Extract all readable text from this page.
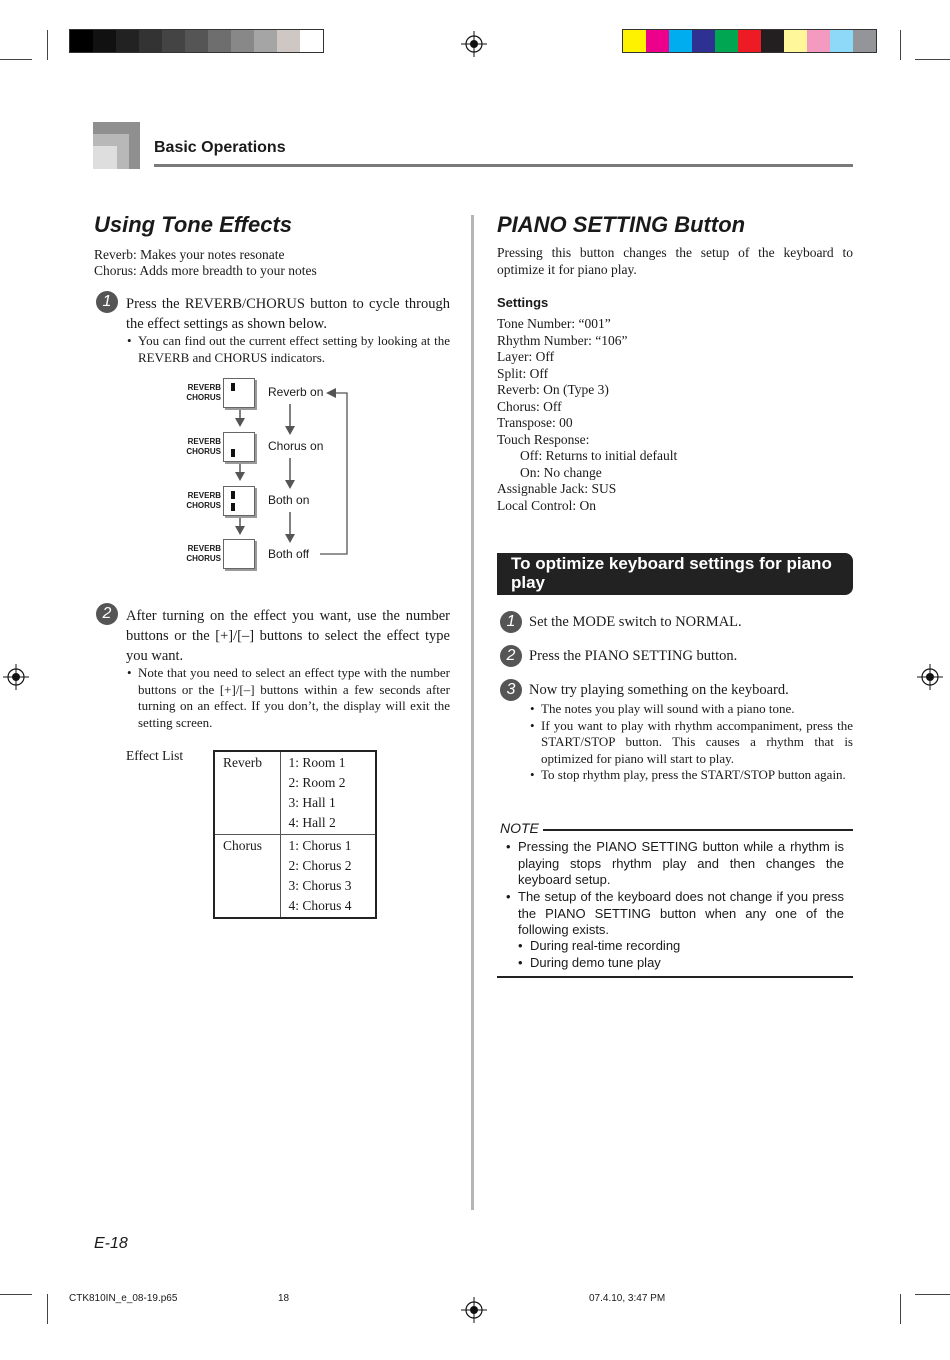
Basic Operations
Using Tone Effects
Reverb: Makes your notes resonate
Chorus: Adds more breadth to your notes
1	Press the REVERB/CHORUS button to cycle through the effect settings as shown below.
• You can find out the current effect setting by looking at the REVERB and CHORUS indicators.
REVERB
CHORUS	Reverb on
REVERB
CHORUS	Chorus on
REVERB
CHORUS	Both on
REVERB
CHORUS	Both off
2	After turning on the effect you want, use the number buttons or the [+]/[–] buttons to select the effect type you want.
• Note that you need to select an effect type with the number buttons or the [+]/[–] buttons within a few seconds after turning on an effect. If you don’t, the display will exit the setting screen.
Effect List	Reverb	1: Room 1
2: Room 2
3: Hall 1
4: Hall 2

Chorus	1: Chorus 1
2: Chorus 2
3: Chorus 3
4: Chorus 4
PIANO SETTING Button
Pressing this button changes the setup of the keyboard to optimize it for piano play.
Settings
Tone Number: “001”
Rhythm Number: “106”
Layer: Off
Split: Off
Reverb: On (Type 3)
Chorus: Off
Transpose: 00
Touch Response:
Off: Returns to initial default
On: No change
Assignable Jack: SUS
Local Control: On
To optimize keyboard settings for piano play
1 Set the MODE switch to NORMAL.
2 Press the PIANO SETTING button.
3 Now try playing something on the keyboard.
• The notes you play will sound with a piano tone.
• If you want to play with rhythm accompaniment, press the START/STOP button. This causes a rhythm that is optimized for piano will start to play.
• To stop rhythm play, press the START/STOP button again.
NOTE
• Pressing the PIANO SETTING button while a rhythm is playing stops rhythm play and then changes the keyboard setup.
• The setup of the keyboard does not change if you press the PIANO SETTING button when any one of the following exists.
• During real-time recording
• During demo tune play
E-18
CTK810IN_e_08-19.p65	18	07.4.10, 3:47 PM
